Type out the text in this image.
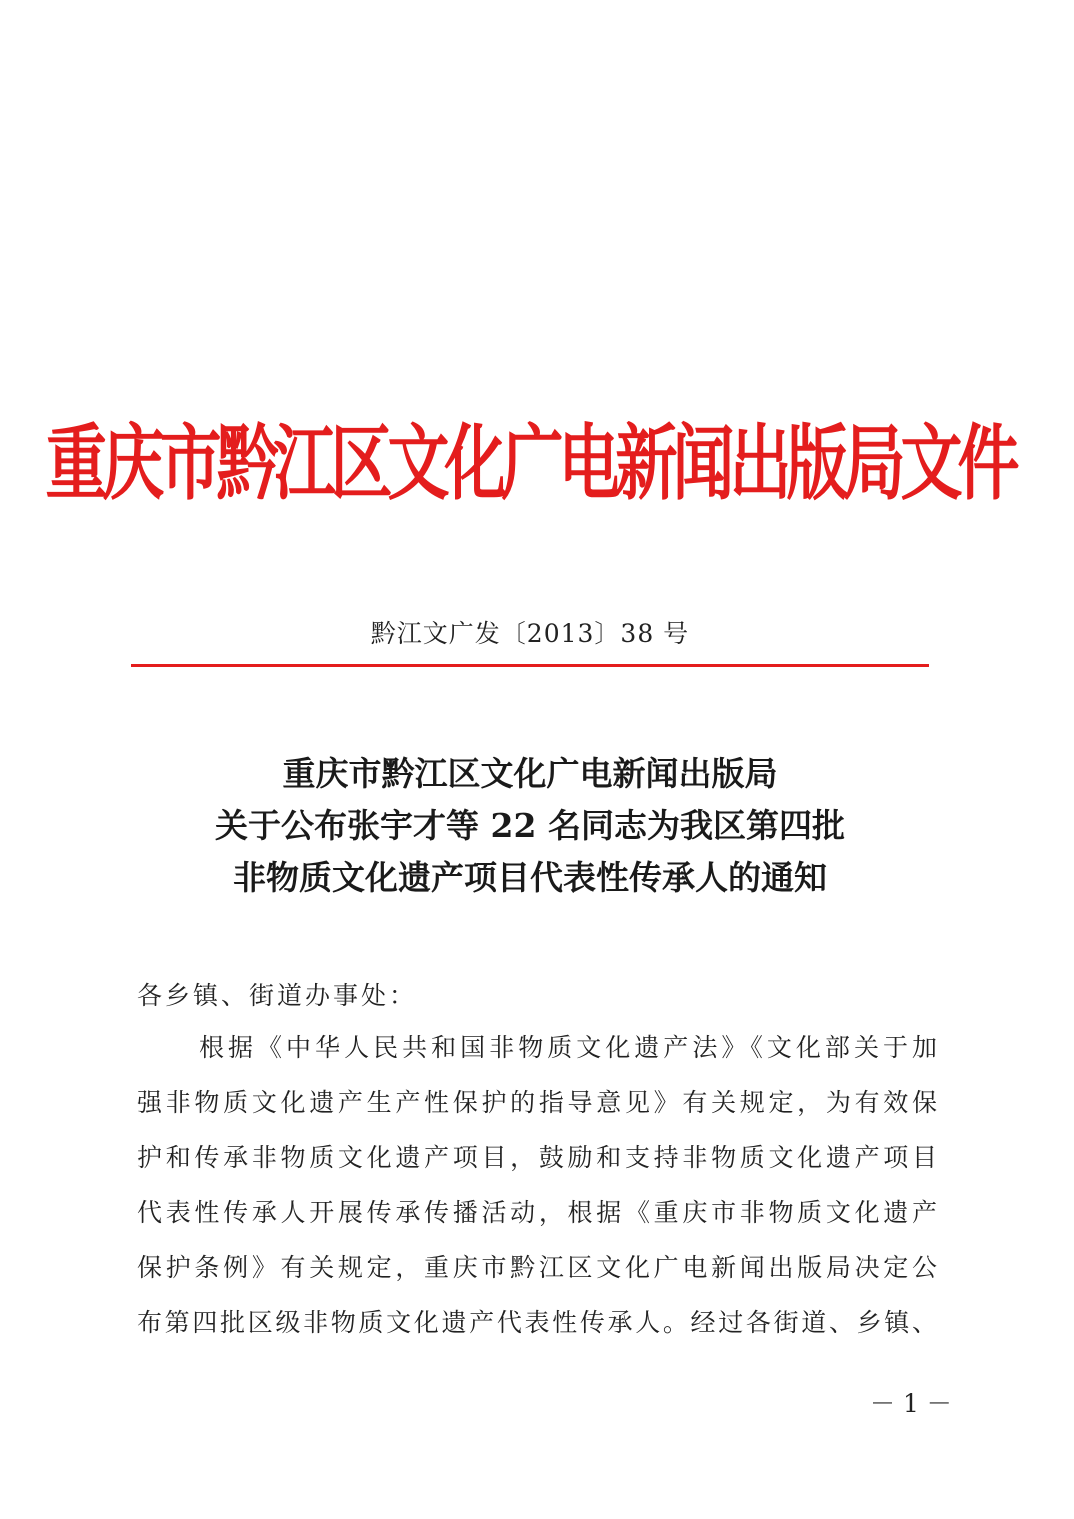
重庆市黔江区文化广电新闻出版局文件
黔江文广发〔2013〕38 号
重庆市黔江区文化广电新闻出版局
关于公布张宇才等 22 名同志为我区第四批
非物质文化遗产项目代表性传承人的通知
各乡镇、街道办事处：
根据《中华人民共和国非物质文化遗产法》《文化部关于加
强非物质文化遗产生产性保护的指导意见》有关规定，为有效保
护和传承非物质文化遗产项目，鼓励和支持非物质文化遗产项目
代表性传承人开展传承传播活动，根据《重庆市非物质文化遗产
保护条例》有关规定，重庆市黔江区文化广电新闻出版局决定公
布第四批区级非物质文化遗产代表性传承人。经过各街道、乡镇、
－ 1 －
